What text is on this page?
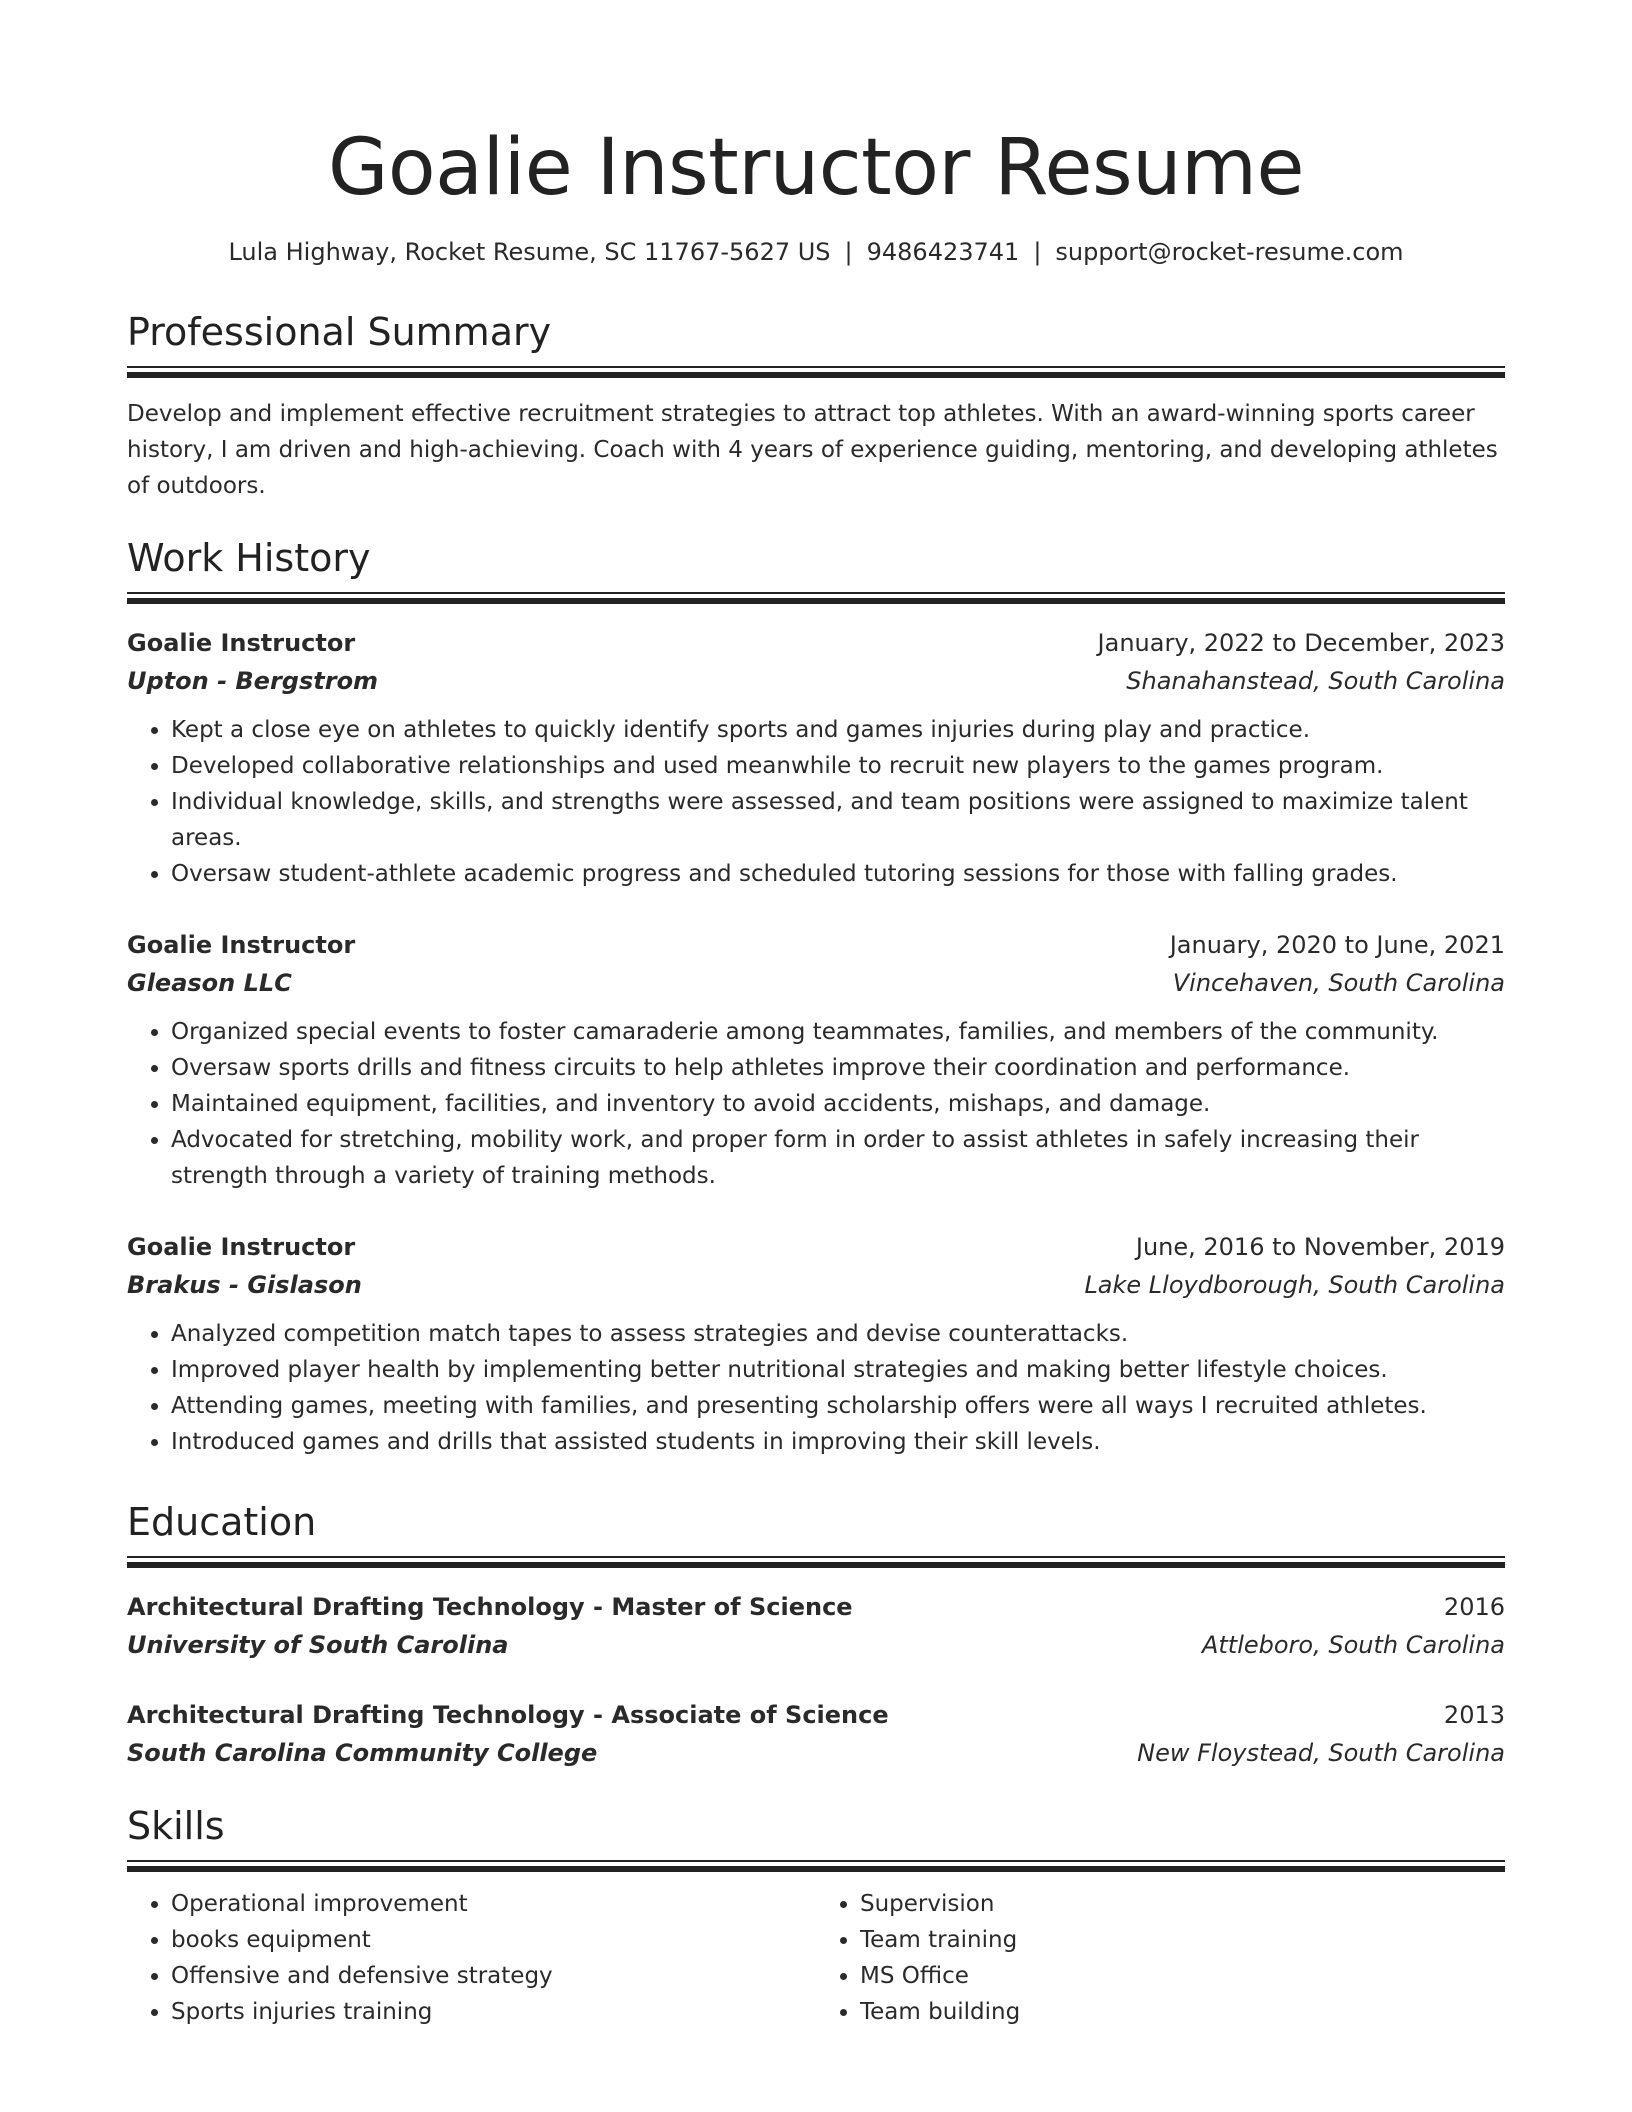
Goalie Instructor Resume
Lula Highway, Rocket Resume, SC 11767-5627 US | 9486423741 | support@rocket-resume.com
Professional Summary

Develop and implement effective recruitment strategies to attract top athletes. With an award-winning sports career history, I am driven and high-achieving. Coach with 4 years of experience guiding, mentoring, and developing athletes of outdoors.

Work History
Goalie Instructor	January, 2022 to December, 2023
Upton - Bergstrom	Shanahanstead, South Carolina
• Kept a close eye on athletes to quickly identify sports and games injuries during play and practice.
• Developed collaborative relationships and used meanwhile to recruit new players to the games program.
• Individual knowledge, skills, and strengths were assessed, and team positions were assigned to maximize talent areas.
• Oversaw student-athlete academic progress and scheduled tutoring sessions for those with falling grades.
Goalie Instructor	January, 2020 to June, 2021
Gleason LLC	Vincehaven, South Carolina
• Organized special events to foster camaraderie among teammates, families, and members of the community.
• Oversaw sports drills and fitness circuits to help athletes improve their coordination and performance.
• Maintained equipment, facilities, and inventory to avoid accidents, mishaps, and damage.
• Advocated for stretching, mobility work, and proper form in order to assist athletes in safely increasing their strength through a variety of training methods.
Goalie Instructor	June, 2016 to November, 2019
Brakus - Gislason	Lake Lloydborough, South Carolina
• Analyzed competition match tapes to assess strategies and devise counterattacks.
• Improved player health by implementing better nutritional strategies and making better lifestyle choices.
• Attending games, meeting with families, and presenting scholarship offers were all ways I recruited athletes.
• Introduced games and drills that assisted students in improving their skill levels.
Education
Architectural Drafting Technology - Master of Science	2016
University of South Carolina	Attleboro, South Carolina
Architectural Drafting Technology - Associate of Science	2013
South Carolina Community College	New Floystead, South Carolina
Skills
• Operational improvement
• books equipment
• Offensive and defensive strategy
• Sports injuries training
• Supervision
• Team training
• MS Office
• Team building
